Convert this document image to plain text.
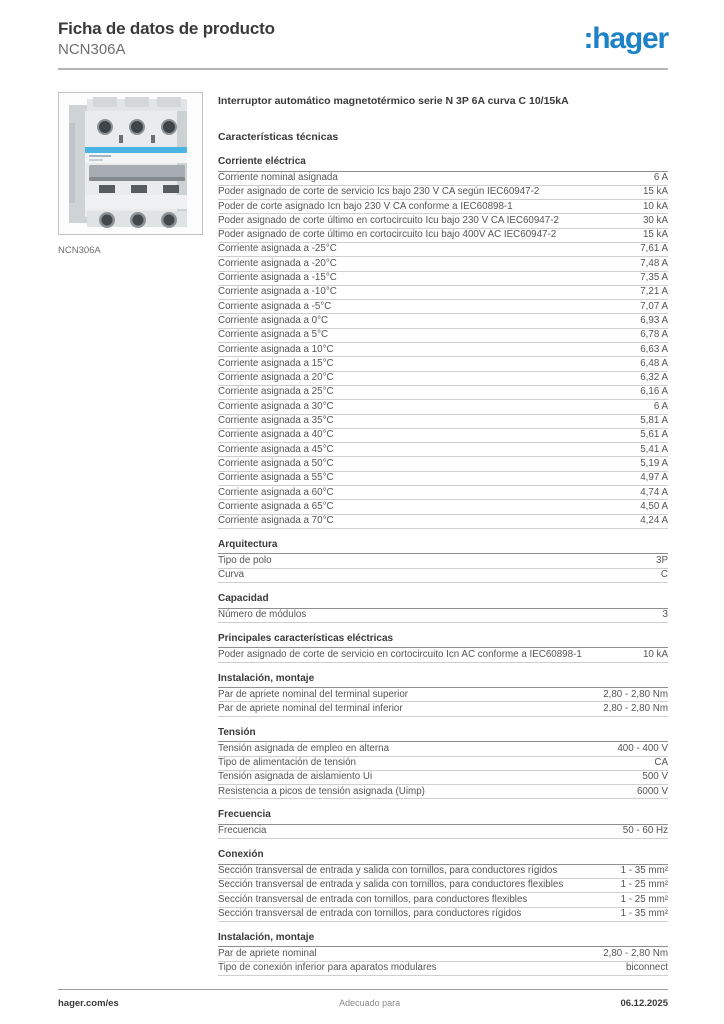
Ficha de datos de producto
NCN306A	:hager
NCN306A
Interruptor automático magnetotérmico serie N 3P 6A curva C 10/15kA
Características técnicas
Corriente eléctrica
Corriente nominal asignada	6 A
Poder asignado de corte de servicio Ics bajo 230 V CA según IEC60947-2	15 kA
Poder de corte asignado Icn bajo 230 V CA conforme a IEC60898-1	10 kA
Poder asignado de corte último en cortocircuito Icu bajo 230 V CA IEC60947-2	30 kA
Poder asignado de corte último en cortocircuito Icu bajo 400V AC IEC60947-2	15 kA
Corriente asignada a -25°C	7,61 A
Corriente asignada a -20°C	7,48 A
Corriente asignada a -15°C	7,35 A
Corriente asignada a -10°C	7,21 A
Corriente asignada a -5°C	7,07 A
Corriente asignada a 0°C	6,93 A
Corriente asignada a 5°C	6,78 A
Corriente asignada a 10°C	6,63 A
Corriente asignada a 15°C	6,48 A
Corriente asignada a 20°C	6,32 A
Corriente asignada a 25°C	6,16 A
Corriente asignada a 30°C	6 A
Corriente asignada a 35°C	5,81 A
Corriente asignada a 40°C	5,61 A
Corriente asignada a 45°C	5,41 A
Corriente asignada a 50°C	5,19 A
Corriente asignada a 55°C	4,97 A
Corriente asignada a 60°C	4,74 A
Corriente asignada a 65°C	4,50 A
Corriente asignada a 70°C	4,24 A
Arquitectura
Tipo de polo	3P
Curva	C
Capacidad
Número de módulos	3
Principales características eléctricas
Poder asignado de corte de servicio en cortocircuito Icn AC conforme a IEC60898-1	10 kA
Instalación, montaje
Par de apriete nominal del terminal superior	2,80 - 2,80 Nm
Par de apriete nominal del terminal inferior	2,80 - 2,80 Nm
Tensión
Tensión asignada de empleo en alterna	400 - 400 V
Tipo de alimentación de tensión	CA
Tensión asignada de aislamiento Ui	500 V
Resistencia a picos de tensión asignada (Uimp)	6000 V
Frecuencia
Frecuencia	50 - 60 Hz
Conexión
Sección transversal de entrada y salida con tornillos, para conductores rígidos	1 - 35 mm²
Sección transversal de entrada y salida con tornillos, para conductores flexibles	1 - 25 mm²
Sección transversal de entrada con tornillos, para conductores flexibles	1 - 25 mm²
Sección transversal de entrada con tornillos, para conductores rígidos	1 - 35 mm²
Instalación, montaje
Par de apriete nominal	2,80 - 2,80 Nm
Tipo de conexión inferior para aparatos modulares	biconnect
hager.com/es	Adecuado para	06.12.2025
